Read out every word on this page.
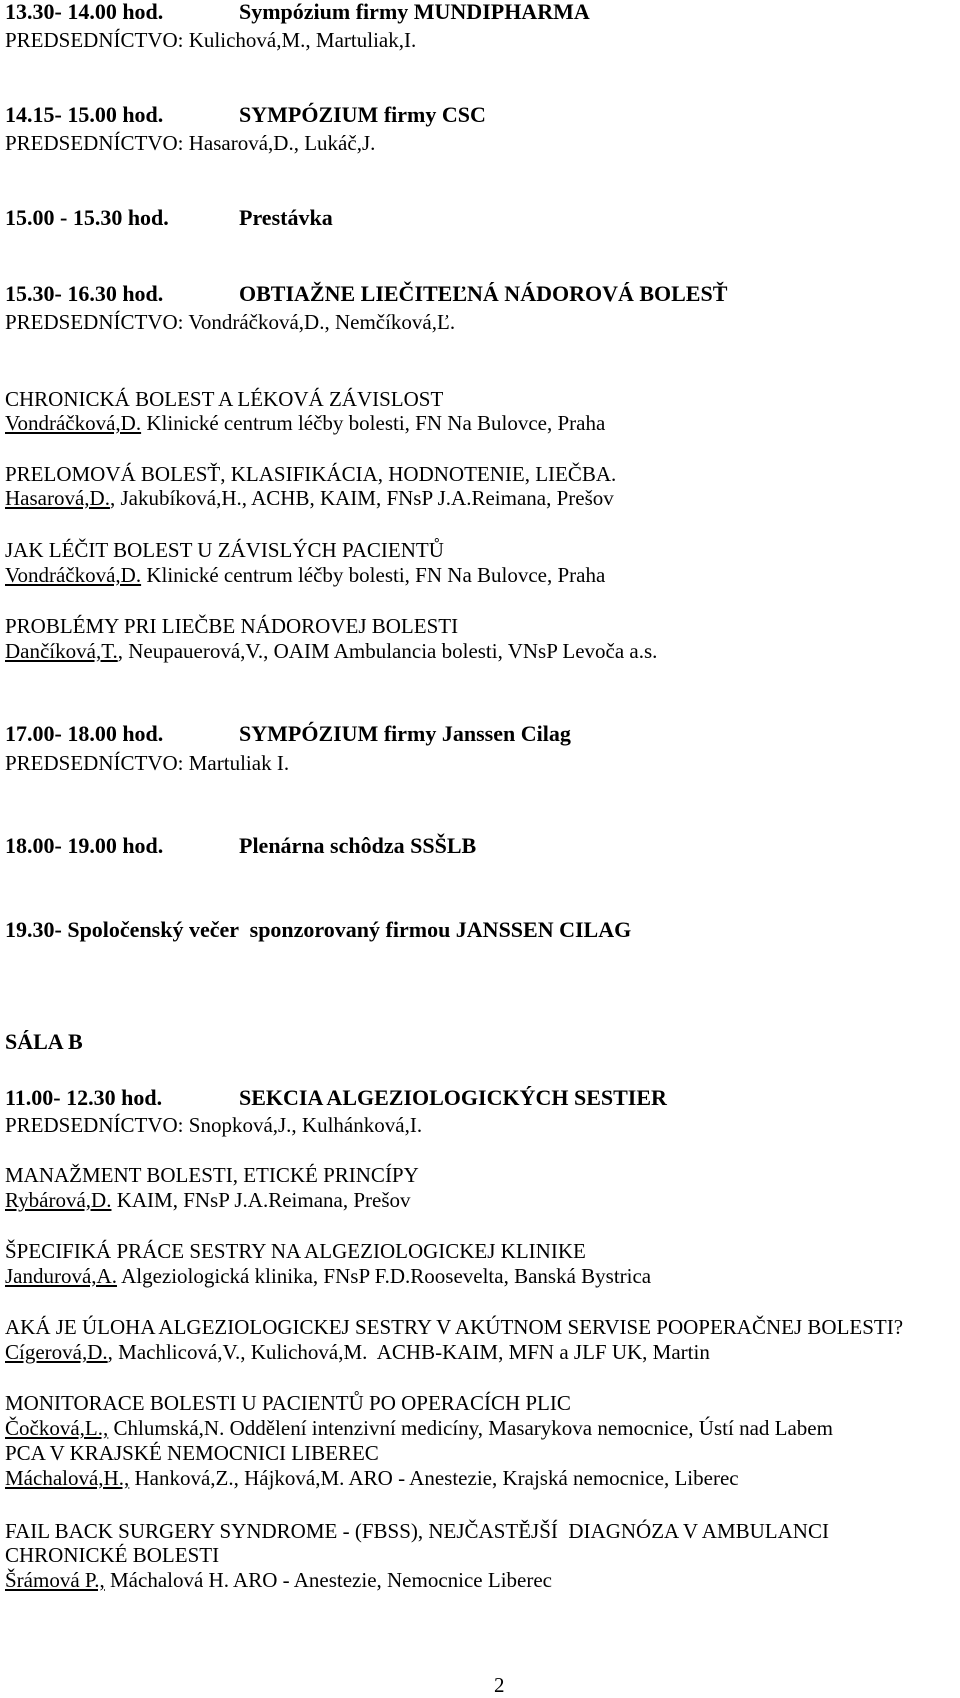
13.30- 14.00 hod.	Sympózium firmy MUNDIPHARMA
PREDSEDNÍCTVO: Kulichová,M., Martuliak,I.
14.15- 15.00 hod.	SYMPÓZIUM firmy CSC
PREDSEDNÍCTVO: Hasarová,D., Lukáč,J.
15.00 - 15.30 hod.	Prestávka
15.30- 16.30 hod.	OBTIAŽNE LIEČITEĽNÁ NÁDOROVÁ BOLESŤ
PREDSEDNÍCTVO: Vondráčková,D., Nemčíková,Ľ.
CHRONICKÁ BOLEST A LÉKOVÁ ZÁVISLOST
Vondráčková,D. Klinické centrum léčby bolesti, FN Na Bulovce, Praha
PRELOMOVÁ BOLESŤ, KLASIFIKÁCIA, HODNOTENIE, LIEČBA.
Hasarová,D., Jakubíková,H., ACHB, KAIM, FNsP J.A.Reimana, Prešov
JAK LÉČIT BOLEST U ZÁVISLÝCH PACIENTŮ
Vondráčková,D. Klinické centrum léčby bolesti, FN Na Bulovce, Praha
PROBLÉMY PRI LIEČBE NÁDOROVEJ BOLESTI
Dančíková,T., Neupauerová,V., OAIM Ambulancia bolesti, VNsP Levoča a.s.
17.00- 18.00 hod.	SYMPÓZIUM firmy Janssen Cilag
PREDSEDNÍCTVO: Martuliak I.
18.00- 19.00 hod.	Plenárna schôdza SSŠLB
19.30- Spoločenský večer  sponzorovaný firmou JANSSEN CILAG
SÁLA B
11.00- 12.30 hod.	SEKCIA ALGEZIOLOGICKÝCH SESTIER
PREDSEDNÍCTVO: Snopková,J., Kulhánková,I.
MANAŽMENT BOLESTI, ETICKÉ PRINCÍPY
Rybárová,D. KAIM, FNsP J.A.Reimana, Prešov
ŠPECIFIKÁ PRÁCE SESTRY NA ALGEZIOLOGICKEJ KLINIKE
Jandurová,A. Algeziologická klinika, FNsP F.D.Roosevelta, Banská Bystrica
AKÁ JE ÚLOHA ALGEZIOLOGICKEJ SESTRY V AKÚTNOM SERVISE POOPERAČNEJ BOLESTI?
Cígerová,D., Machlicová,V., Kulichová,M.  ACHB-KAIM, MFN a JLF UK, Martin
MONITORACE BOLESTI U PACIENTŮ PO OPERACÍCH PLIC
Čočková,L., Chlumská,N. Oddělení intenzivní medicíny, Masarykova nemocnice, Ústí nad Labem
PCA V KRAJSKÉ NEMOCNICI LIBEREC
Máchalová,H., Hanková,Z., Hájková,M. ARO - Anestezie, Krajská nemocnice, Liberec
FAIL BACK SURGERY SYNDROME - (FBSS), NEJČASTĚJŠÍ  DIAGNÓZA V AMBULANCI
CHRONICKÉ BOLESTI
Šrámová P., Máchalová H. ARO - Anestezie, Nemocnice Liberec
2
